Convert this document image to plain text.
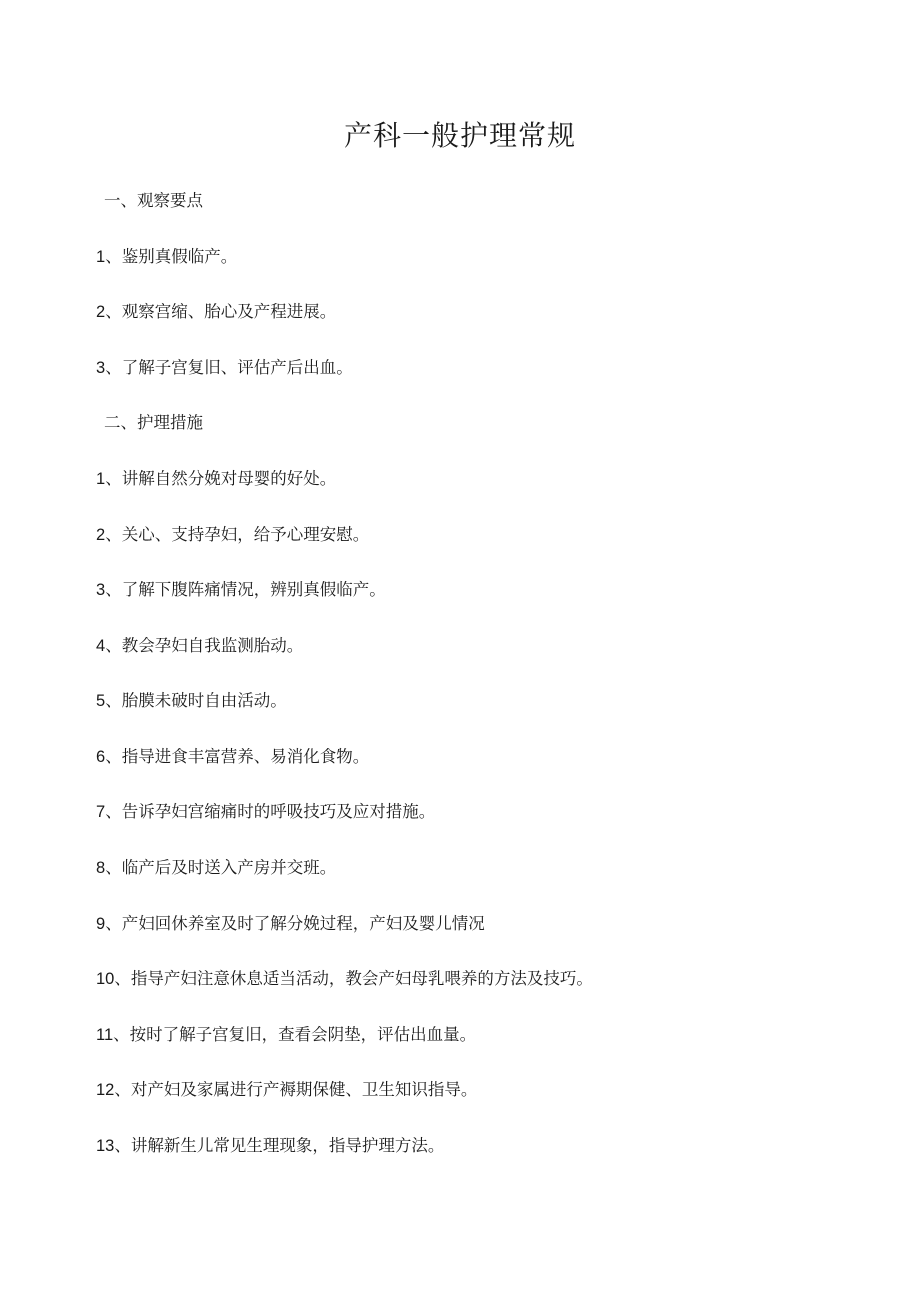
产科一般护理常规

一、观察要点

1、鉴别真假临产。

2、观察宫缩、胎心及产程进展。

3、了解子宫复旧、评估产后出血。

二、护理措施

1、讲解自然分娩对母婴的好处。

2、关心、支持孕妇，给予心理安慰。

3、了解下腹阵痛情况，辨别真假临产。

4、教会孕妇自我监测胎动。

5、胎膜未破时自由活动。

6、指导进食丰富营养、易消化食物。

7、告诉孕妇宫缩痛时的呼吸技巧及应对措施。

8、临产后及时送入产房并交班。

9、产妇回休养室及时了解分娩过程，产妇及婴儿情况

10、指导产妇注意休息适当活动，教会产妇母乳喂养的方法及技巧。

11、按时了解子宫复旧，查看会阴垫，评估出血量。

12、对产妇及家属进行产褥期保健、卫生知识指导。

13、讲解新生儿常见生理现象，指导护理方法。
